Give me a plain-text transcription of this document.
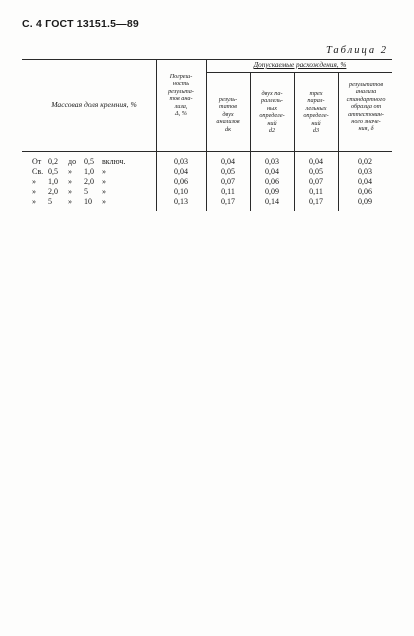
С. 4 ГОСТ 13151.5—89
Таблица 2
Массовая доля кремния, %
Погреш-
ность
результа-
тов ана-
лиза,
Δ, %
Допускаемые расхождения, %
резуль-
татов
двух
анализов
dк
двух па-
раллель-
ных
определе-
ний
d2
трех
парал-
лельных
определе-
ний
d3
результатов
анализа
стандартного
образца от
аттестован-
ного значе-
ния, δ
От 0,2 до 0,5 включ.	0,03	0,04	0,03	0,04	0,02
Св. 0,5 » 1,0 »	0,04	0,05	0,04	0,05	0,03
» 1,0 » 2,0 »	0,06	0,07	0,06	0,07	0,04
» 2,0 » 5 »	0,10	0,11	0,09	0,11	0,06
» 5 » 10 »	0,13	0,17	0,14	0,17	0,09
